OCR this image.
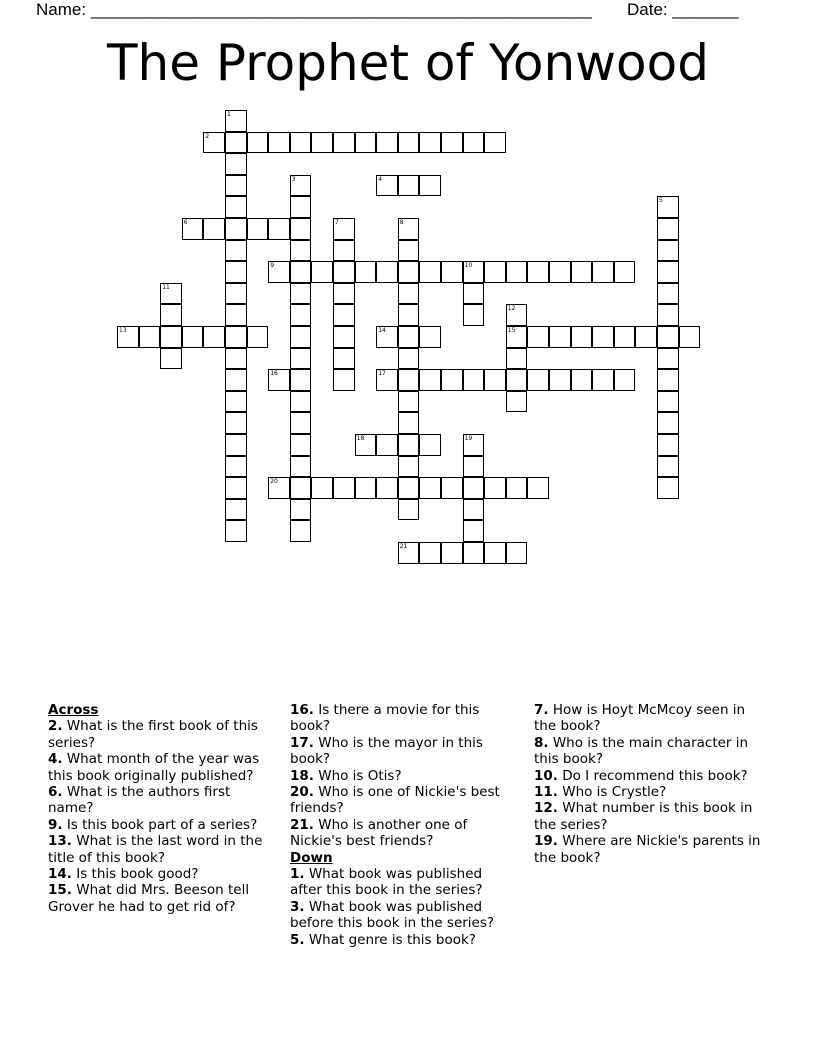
Name: _____________________________________________________ Date: _______
The Prophet of Yonwood
1
2
3	4
5
6	7	8
9	10
11
12
15
13	14
16	17
18	19
20
21
Across
2. What is the first book of this series?
4. What month of the year was this book originally published?
6. What is the authors first name?
9. Is this book part of a series?
13. What is the last word in the title of this book?
14. Is this book good?
15. What did Mrs. Beeson tell Grover he had to get rid of?
16. Is there a movie for this book?
17. Who is the mayor in this book?
18. Who is Otis?
20. Who is one of Nickie's best friends?
21. Who is another one of Nickie's best friends?
Down
1. What book was published after this book in the series?
3. What book was published before this book in the series?
5. What genre is this book?
7. How is Hoyt McMcoy seen in the book?
8. Who is the main character in this book?
10. Do I recommend this book?
11. Who is Crystle?
12. What number is this book in the series?
19. Where are Nickie's parents in the book?
